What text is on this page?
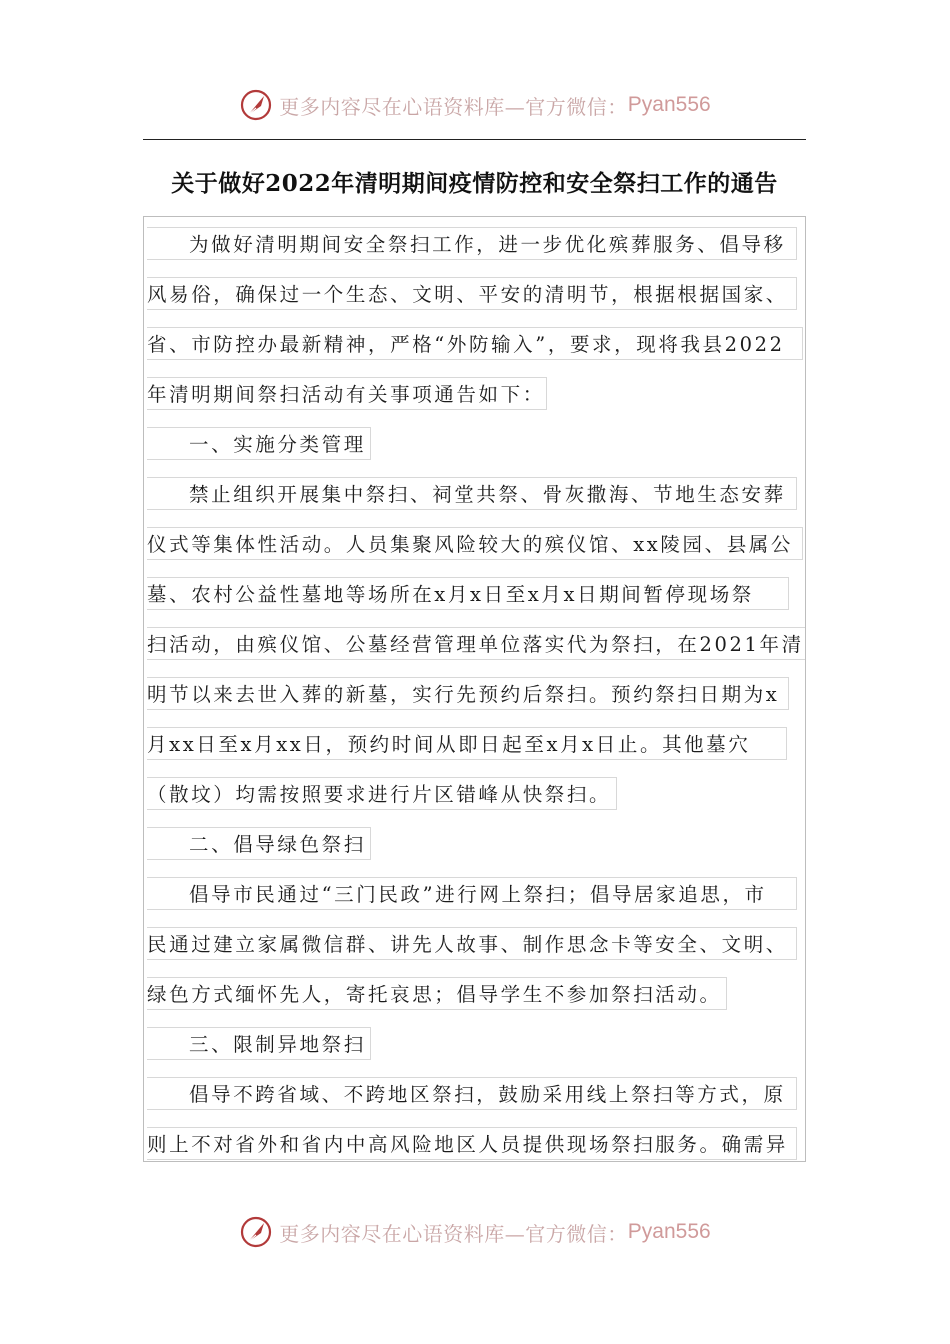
更多内容尽在心语资料库—官方微信： Pyan556
关于做好2022年清明期间疫情防控和安全祭扫工作的通告
为做好清明期间安全祭扫工作，进一步优化殡葬服务、倡导移
风易俗，确保过一个生态、文明、平安的清明节，根据根据国家、
省、市防控办最新精神，严格“外防输入”，要求，现将我县2022
年清明期间祭扫活动有关事项通告如下：
一、实施分类管理
禁止组织开展集中祭扫、祠堂共祭、骨灰撒海、节地生态安葬
仪式等集体性活动。人员集聚风险较大的殡仪馆、xx陵园、县属公
墓、农村公益性墓地等场所在x月x日至x月x日期间暂停现场祭
扫活动，由殡仪馆、公墓经营管理单位落实代为祭扫，在2021年清
明节以来去世入葬的新墓，实行先预约后祭扫。预约祭扫日期为x
月xx日至x月xx日，预约时间从即日起至x月x日止。其他墓穴
（散坟）均需按照要求进行片区错峰从快祭扫。
二、倡导绿色祭扫
倡导市民通过“三门民政”进行网上祭扫；倡导居家追思，市
民通过建立家属微信群、讲先人故事、制作思念卡等安全、文明、
绿色方式缅怀先人，寄托哀思；倡导学生不参加祭扫活动。
三、限制异地祭扫
倡导不跨省域、不跨地区祭扫，鼓励采用线上祭扫等方式，原
则上不对省外和省内中高风险地区人员提供现场祭扫服务。确需异
更多内容尽在心语资料库—官方微信： Pyan556
